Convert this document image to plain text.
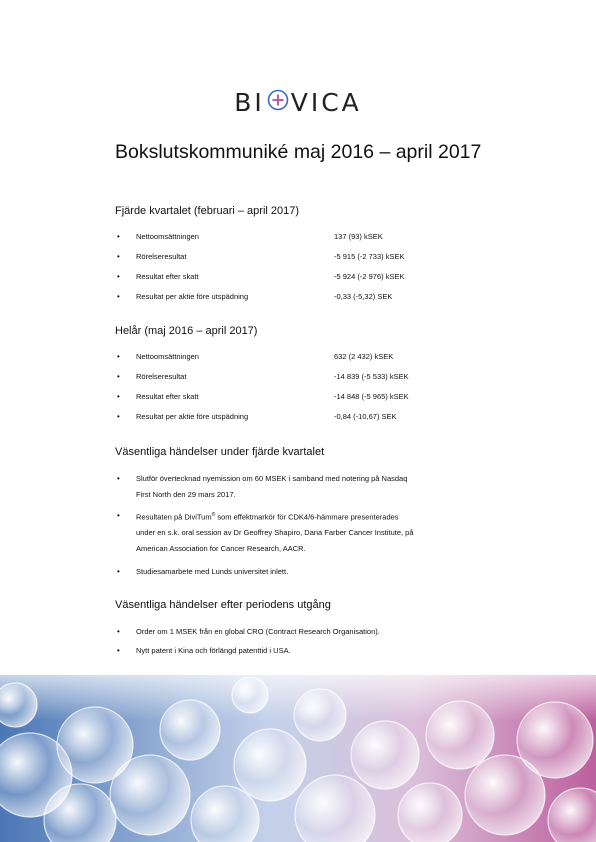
BI VICA
Bokslutskommuniké maj 2016 – april 2017
Fjärde kvartalet (februari – april 2017)
• Nettoomsättningen	137 (93) kSEK
• Rörelseresultat	-5 915 (-2 733) kSEK
• Resultat efter skatt	-5 924 (-2 976) kSEK
• Resultat per aktie före utspädning	-0,33 (-5,32) SEK
Helår (maj 2016 – april 2017)
• Nettoomsättningen	632 (2 432) kSEK
• Rörelseresultat	-14 839 (-5 533) kSEK
• Resultat efter skatt	-14 848 (-5 965) kSEK
• Resultat per aktie före utspädning	-0,84 (-10,67) SEK
Väsentliga händelser under fjärde kvartalet
• Slutför övertecknad nyemission om 60 MSEK i samband med notering på Nasdaq
First North den 29 mars 2017.
• Resultaten på DiviTum® som effektmarkör för CDK4/6-hämmare presenterades
under en s.k. oral session av Dr Geoffrey Shapiro, Dana Farber Cancer Institute, på
American Association for Cancer Research, AACR.
• Studiesamarbete med Lunds universitet inlett.
Väsentliga händelser efter periodens utgång
• Order om 1 MSEK från en global CRO (Contract Research Organisation).
• Nytt patent i Kina och förlängd patenttid i USA.
